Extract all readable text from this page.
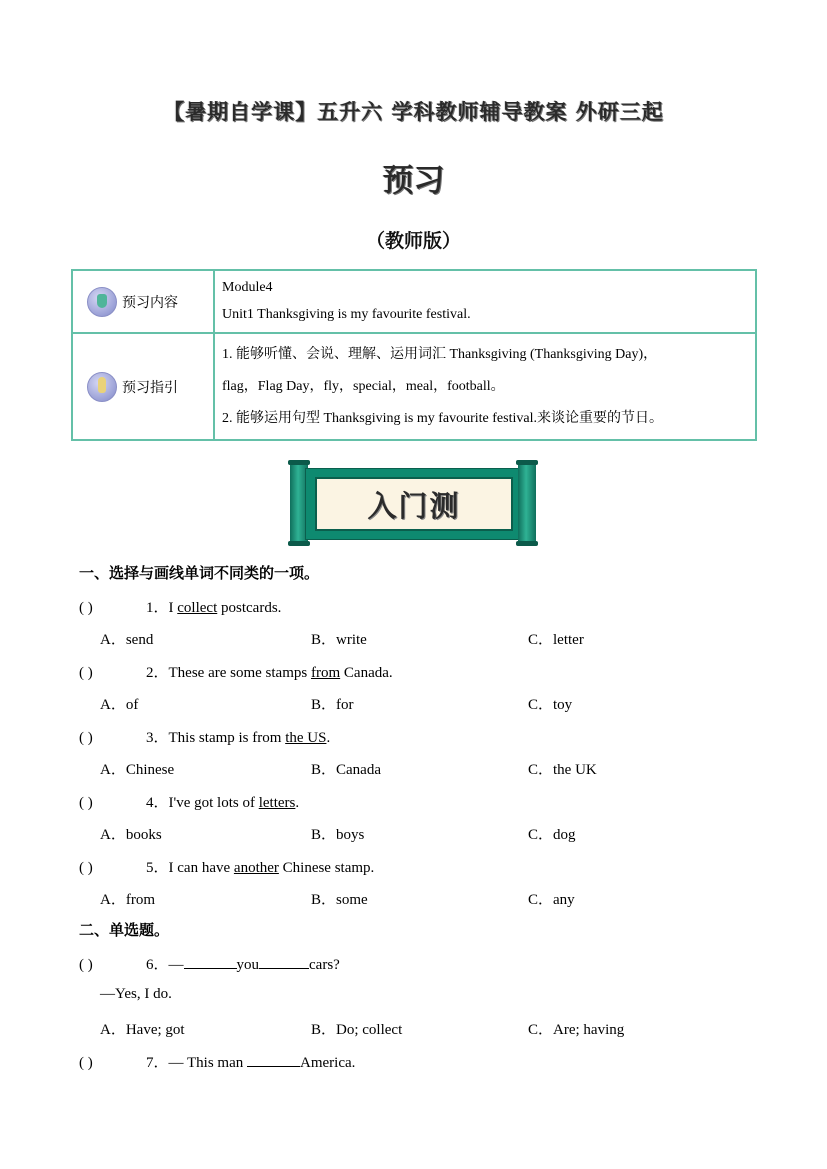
【暑期自学课】五升六 学科教师辅导教案 外研三起
预习
（教师版）
预习内容	Module4
Unit1 Thanksgiving is my favourite festival.

预习指引	1. 能够听懂、会说、理解、运用词汇 Thanksgiving (Thanksgiving Day)，
flag，Flag Day，fly，special，meal，football。
2. 能够运用句型 Thanksgiving is my favourite festival.来谈论重要的节日。
入门测
一、选择与画线单词不同类的一项。
( )	1．I collect postcards.
A．send	B．write	C．letter
( )	2．These are some stamps from Canada.
A．of	B．for	C．toy
( )	3．This stamp is from the US.
A．Chinese	B．Canada	C．the UK
( )	4．I've got lots of letters.
A．books	B．boys	C．dog
( )	5．I can have another Chinese stamp.
A．from	B．some	C．any
二、单选题。
( )	6．—	you	cars?
—Yes, I do.
A．Have; got	B．Do; collect	C．Are; having
( )	7．— This man	America.
